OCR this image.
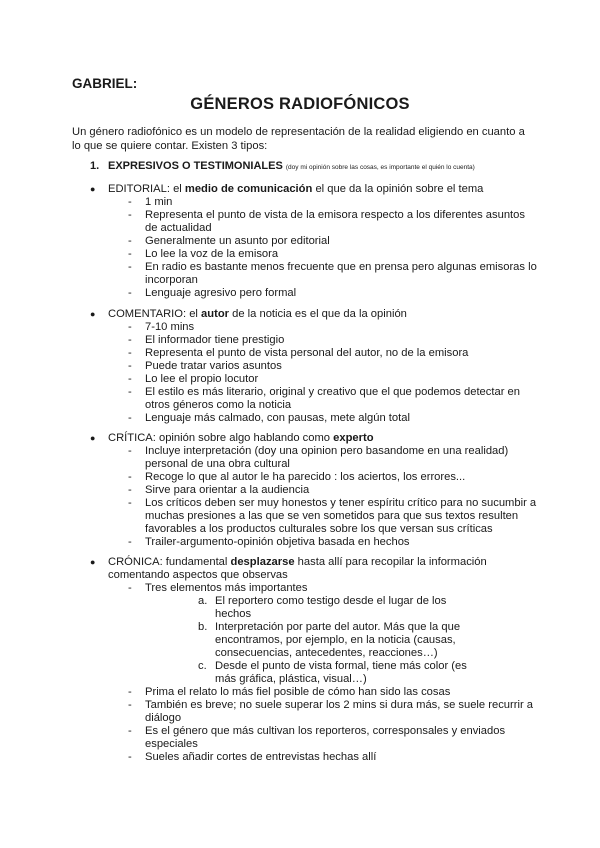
GABRIEL:
GÉNEROS RADIOFÓNICOS
Un género radiofónico es un modelo de representación de la realidad eligiendo en cuanto a lo que se quiere contar. Existen 3 tipos:
1. EXPRESIVOS O TESTIMONIALES (doy mi opinión sobre las cosas, es importante el quién lo cuenta)
● EDITORIAL: el medio de comunicación el que da la opinión sobre el tema
- 1 min
- Representa el punto de vista de la emisora respecto a los diferentes asuntos de actualidad
- Generalmente un asunto por editorial
- Lo lee la voz de la emisora
- En radio es bastante menos frecuente que en prensa pero algunas emisoras lo incorporan
- Lenguaje agresivo pero formal
● COMENTARIO: el autor de la noticia es el que da la opinión
- 7-10 mins
- El informador tiene prestigio
- Representa el punto de vista personal del autor, no de la emisora
- Puede tratar varios asuntos
- Lo lee el propio locutor
- El estilo es más literario, original y creativo que el que podemos detectar en otros géneros como la noticia
- Lenguaje más calmado, con pausas, mete algún total
● CRÍTICA: opinión sobre algo hablando como experto
- Incluye interpretación (doy una opinion pero basandome en una realidad) personal de una obra cultural
- Recoge lo que al autor le ha parecido : los aciertos, los errores...
- Sirve para orientar a la audiencia
- Los críticos deben ser muy honestos y tener espíritu crítico para no sucumbir a muchas presiones a las que se ven sometidos para que sus textos resulten favorables a los productos culturales sobre los que versan sus críticas
- Trailer-argumento-opinión objetiva basada en hechos
● CRÓNICA: fundamental desplazarse hasta allí para recopilar la información comentando aspectos que observas
- Tres elementos más importantes
a. El reportero como testigo desde el lugar de los hechos
b. Interpretación por parte del autor. Más que la que encontramos, por ejemplo, en la noticia (causas, consecuencias, antecedentes, reacciones…)
c. Desde el punto de vista formal, tiene más color (es más gráfica, plástica, visual…)
- Prima el relato lo más fiel posible de cómo han sido las cosas
- También es breve; no suele superar los 2 mins si dura más, se suele recurrir a diálogo
- Es el género que más cultivan los reporteros, corresponsales y enviados especiales
- Sueles añadir cortes de entrevistas hechas allí
